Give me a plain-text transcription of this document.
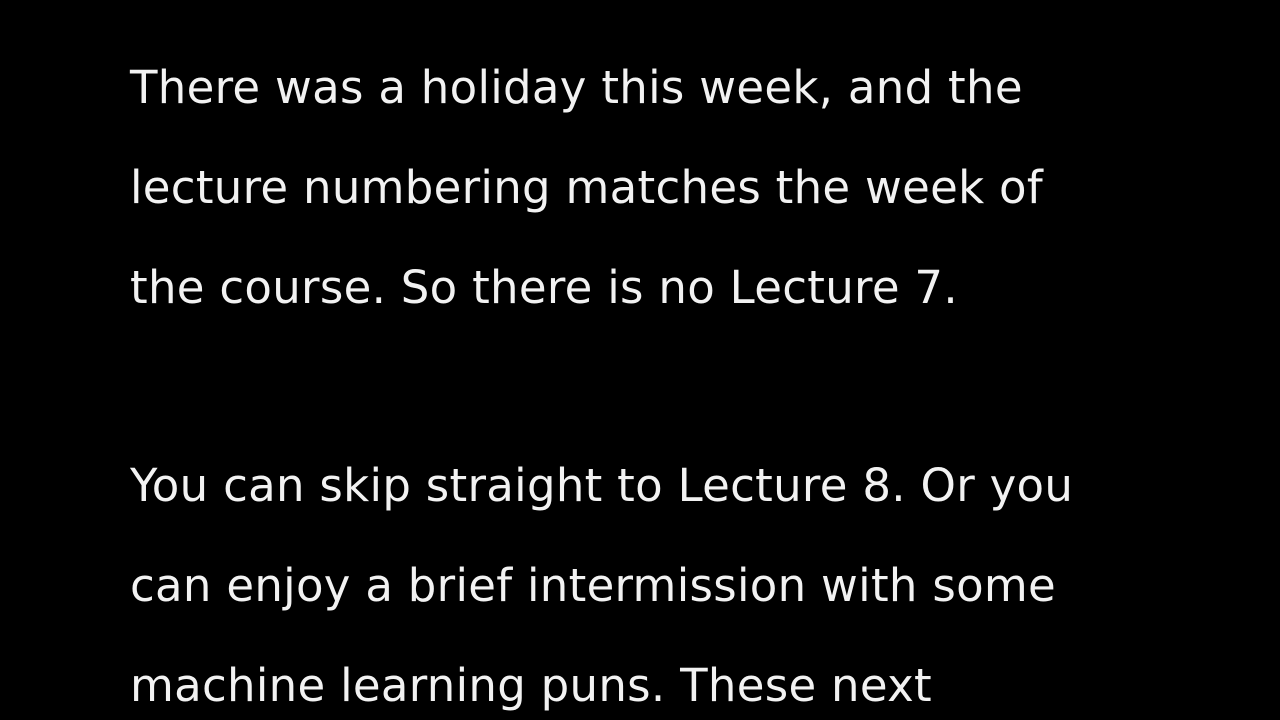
There was a holiday this week, and the

lecture numbering matches the week of

the course. So there is no Lecture 7.

You can skip straight to Lecture 8. Or you

can enjoy a brief intermission with some

machine learning puns. These next
